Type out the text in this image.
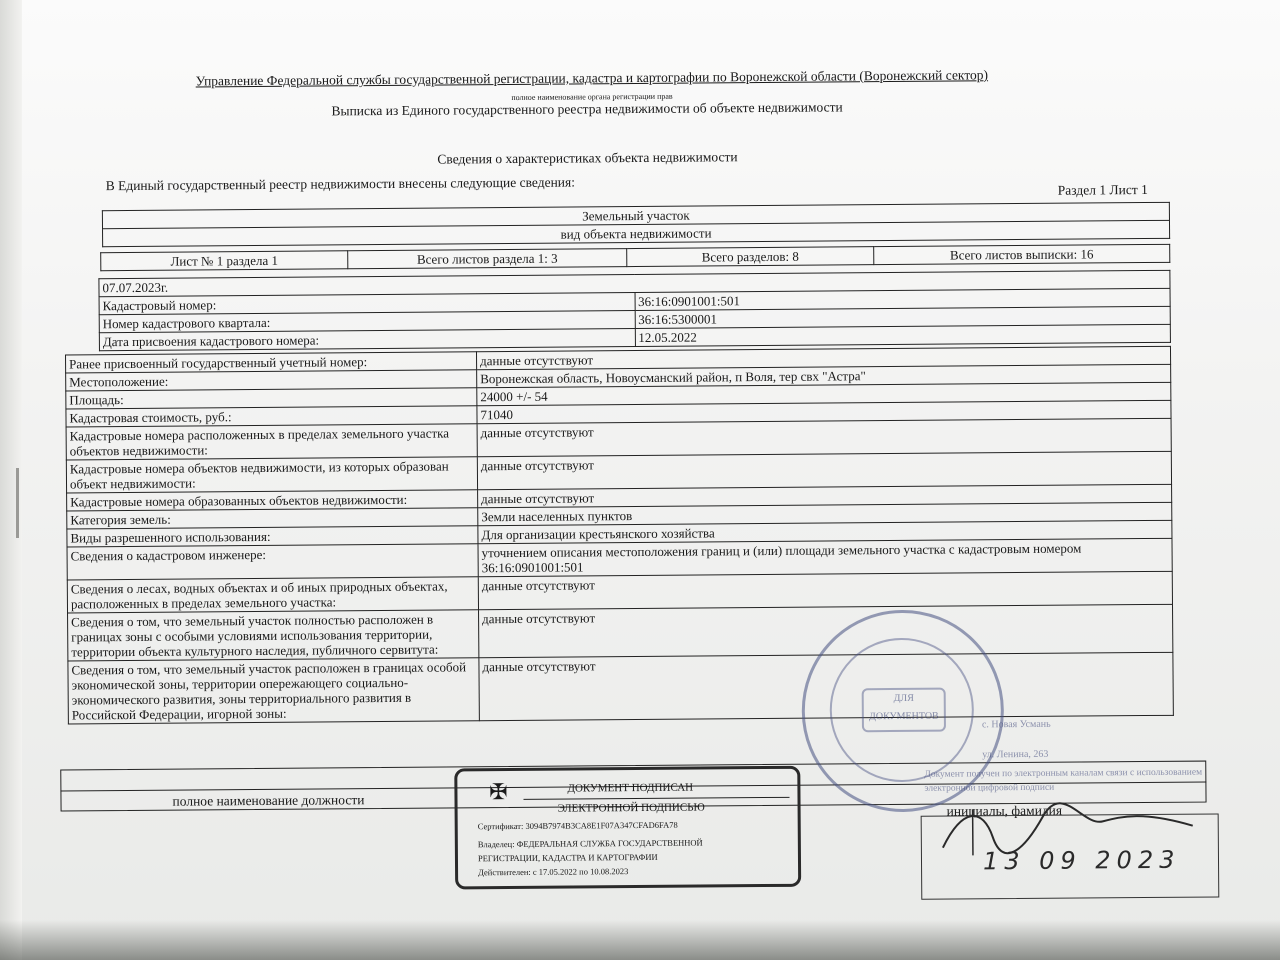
Управление Федеральной службы государственной регистрации, кадастра и картографии по Воронежской области (Воронежский сектор)
полное наименование органа регистрации прав
Выписка из Единого государственного реестра недвижимости об объекте недвижимости
Сведения о характеристиках объекта недвижимости
В Единый государственный реестр недвижимости внесены следующие сведения:	Раздел 1 Лист 1
Земельный участок
вид объекта недвижимости
Лист № 1 раздела 1	Всего листов раздела 1: 3	Всего разделов: 8	Всего листов выписки: 16
07.07.2023г.	
Кадастровый номер:	36:16:0901001:501
Номер кадастрового квартала:	36:16:5300001
Дата присвоения кадастрового номера:	12.05.2022
Ранее присвоенный государственный учетный номер:	данные отсутствуют
Местоположение:	Воронежская область, Новоусманский район, п Воля, тер свх "Астра"
Площадь:	24000 +/- 54
Кадастровая стоимость, руб.:	71040
Кадастровые номера расположенных в пределах земельного участка объектов недвижимости:	данные отсутствуют
Кадастровые номера объектов недвижимости, из которых образован объект недвижимости:	данные отсутствуют
Кадастровые номера образованных объектов недвижимости:	данные отсутствуют
Категория земель:	Земли населенных пунктов
Виды разрешенного использования:	Для организации крестьянского хозяйства
Сведения о кадастровом инженере:	уточнением описания местоположения границ и (или) площади земельного участка с кадастровым номером 36:16:0901001:501
Сведения о лесах, водных объектах и об иных природных объектах, расположенных в пределах земельного участка:	данные отсутствуют
Сведения о том, что земельный участок полностью расположен в границах зоны с особыми условиями использования территории, территории объекта культурного наследия, публичного сервитута:	данные отсутствуют
Сведения о том, что земельный участок расположен в границах особой экономической зоны, территории опережающего социально-экономического развития, зоны территориального развития в Российской Федерации, игорной зоны:	данные отсутствуют
полное наименование должности
инициалы, фамилия
ДЛЯ ДОКУМЕНТОВ
с. Новая Усмань
ул. Ленина, 263
Документ получен по электронным каналам связи с использованием электронной цифровой подписи
✠	ДОКУМЕНТ ПОДПИСАН
ЭЛЕКТРОННОЙ ПОДПИСЬЮ
Сертификат: 3094B7974B3CA8E1F07A347CFAD6FA78
Владелец: ФЕДЕРАЛЬНАЯ СЛУЖБА ГОСУДАРСТВЕННОЙ
РЕГИСТРАЦИИ, КАДАСТРА И КАРТОГРАФИИ
Действителен: с 17.05.2022 по 10.08.2023	13 09 2023
